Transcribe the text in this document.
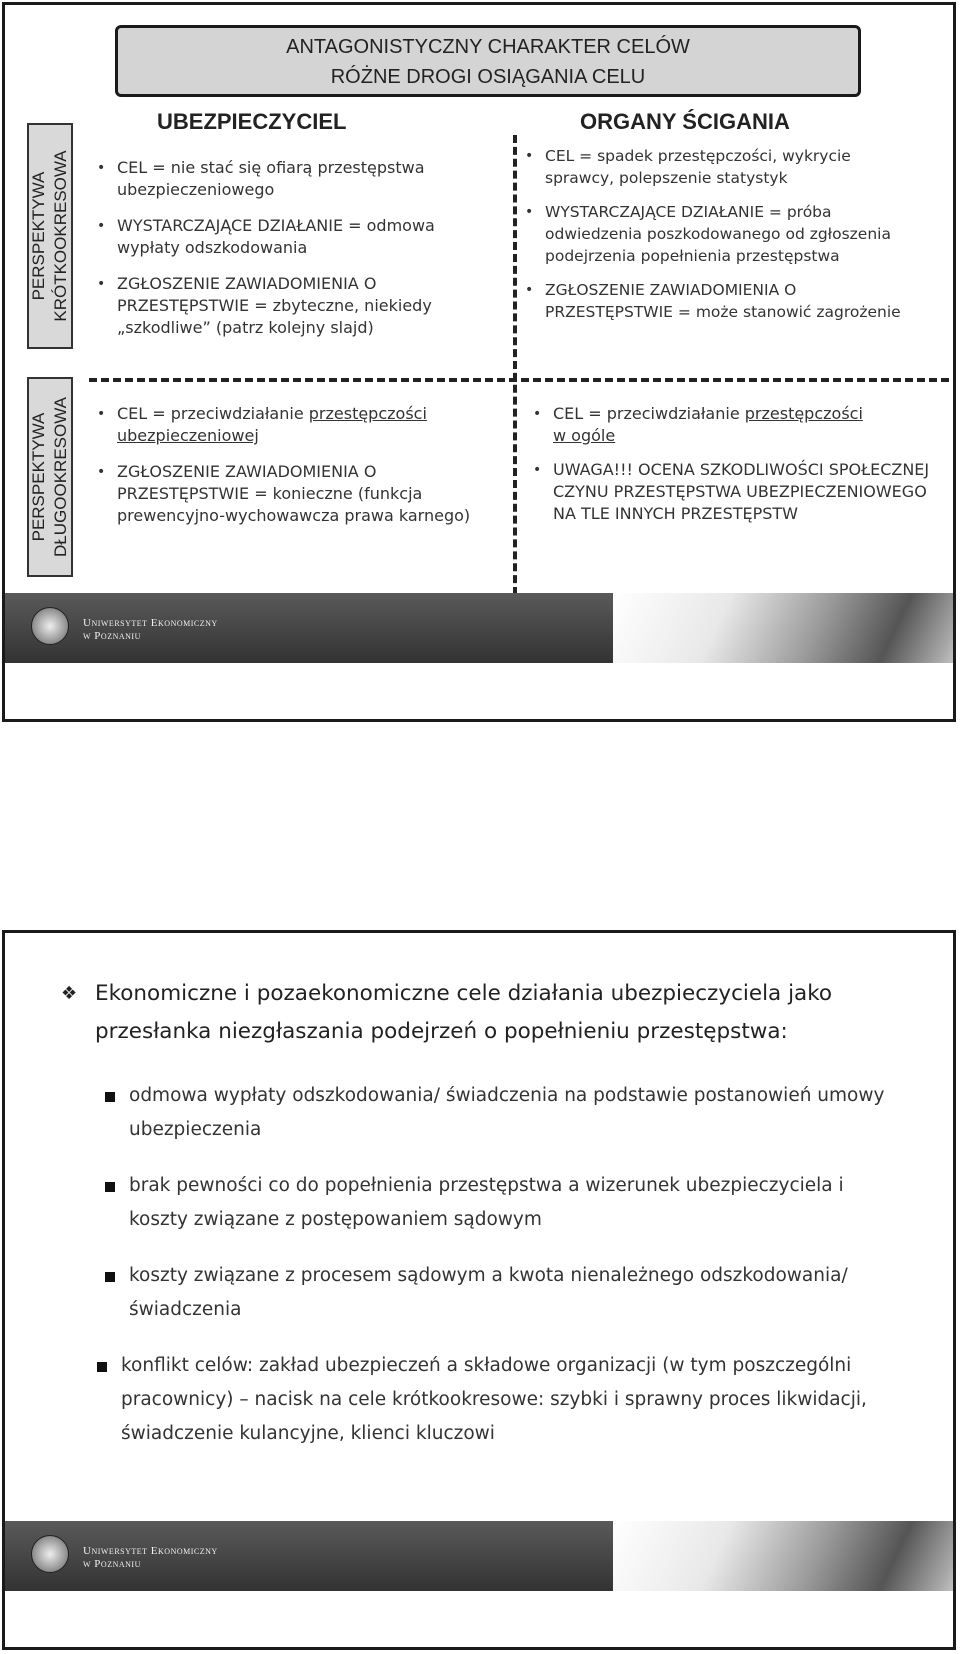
ANTAGONISTYCZNY CHARAKTER CELÓW
RÓŻNE DROGI OSIĄGANIA CELU
PERSPEKTYWA KRÓTKOOKRESOWA
PERSPEKTYWA DŁUGOOKRESOWA
UBEZPIECZYCIEL	ORGANY ŚCIGANIA
• CEL = nie stać się ofiarą przestępstwa ubezpieczeniowego
• WYSTARCZAJĄCE DZIAŁANIE = odmowa wypłaty odszkodowania
• ZGŁOSZENIE ZAWIADOMIENIA O PRZESTĘPSTWIE = zbyteczne, niekiedy „szkodliwe” (patrz kolejny slajd)
• CEL = spadek przestępczości, wykrycie sprawcy, polepszenie statystyk
• WYSTARCZAJĄCE DZIAŁANIE = próba odwiedzenia poszkodowanego od zgłoszenia podejrzenia popełnienia przestępstwa
• ZGŁOSZENIE ZAWIADOMIENIA O PRZESTĘPSTWIE = może stanowić zagrożenie
• CEL = przeciwdziałanie przestępczości ubezpieczeniowej
• ZGŁOSZENIE ZAWIADOMIENIA O PRZESTĘPSTWIE = konieczne (funkcja prewencyjno-wychowawcza prawa karnego)
• CEL = przeciwdziałanie przestępczości
w ogóle
• UWAGA!!! OCENA SZKODLIWOŚCI SPOŁECZNEJ CZYNU PRZESTĘPSTWA UBEZPIECZENIOWEGO NA TLE INNYCH PRZESTĘPSTW
Uniwersytet Ekonomiczny
w Poznaniu
❖ Ekonomiczne i pozaekonomiczne cele działania ubezpieczyciela jako przesłanka niezgłaszania podejrzeń o popełnieniu przestępstwa:
odmowa wypłaty odszkodowania/ świadczenia na podstawie postanowień umowy ubezpieczenia
brak pewności co do popełnienia przestępstwa a wizerunek ubezpieczyciela i koszty związane z postępowaniem sądowym
koszty związane z procesem sądowym a kwota nienależnego odszkodowania/ świadczenia
konflikt celów: zakład ubezpieczeń a składowe organizacji (w tym poszczególni pracownicy) – nacisk na cele krótkookresowe: szybki i sprawny proces likwidacji, świadczenie kulancyjne, klienci kluczowi
Uniwersytet Ekonomiczny
w Poznaniu
